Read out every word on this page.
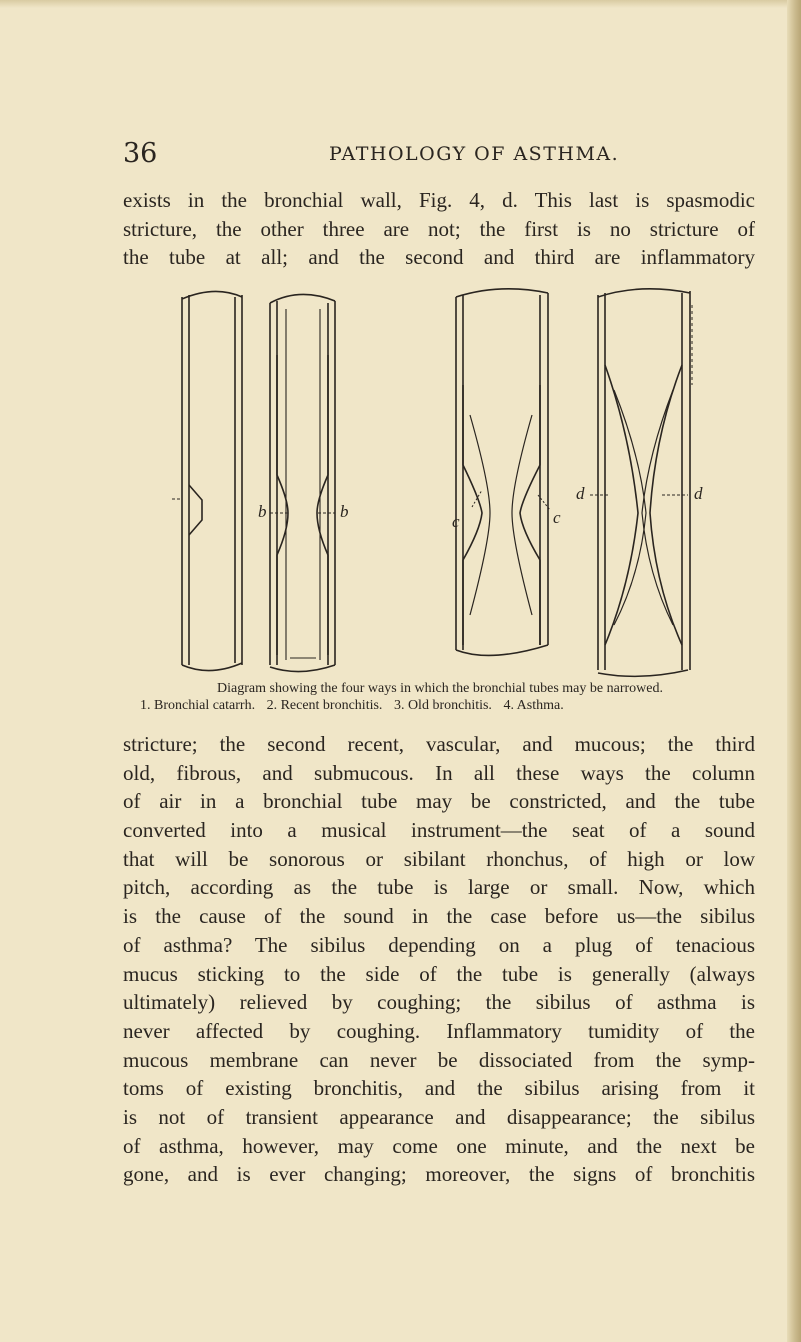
36	PATHOLOGY OF ASTHMA.
exists in the bronchial wall, Fig. 4, d. This last is spasmodic
stricture, the other three are not; the first is no stricture of
the tube at all; and the second and third are inflammatory
b	b
c	c
d	d
Diagram showing the four ways in which the bronchial tubes may be narrowed.
1. Bronchial catarrh. 2. Recent bronchitis. 3. Old bronchitis. 4. Asthma.
stricture; the second recent, vascular, and mucous; the third
old, fibrous, and submucous. In all these ways the column
of air in a bronchial tube may be constricted, and the tube
converted into a musical instrument—the seat of a sound
that will be sonorous or sibilant rhonchus, of high or low
pitch, according as the tube is large or small. Now, which
is the cause of the sound in the case before us—the sibilus
of asthma? The sibilus depending on a plug of tenacious
mucus sticking to the side of the tube is generally (always
ultimately) relieved by coughing; the sibilus of asthma is
never affected by coughing. Inflammatory tumidity of the
mucous membrane can never be dissociated from the symp-
toms of existing bronchitis, and the sibilus arising from it
is not of transient appearance and disappearance; the sibilus
of asthma, however, may come one minute, and the next be
gone, and is ever changing; moreover, the signs of bronchitis
